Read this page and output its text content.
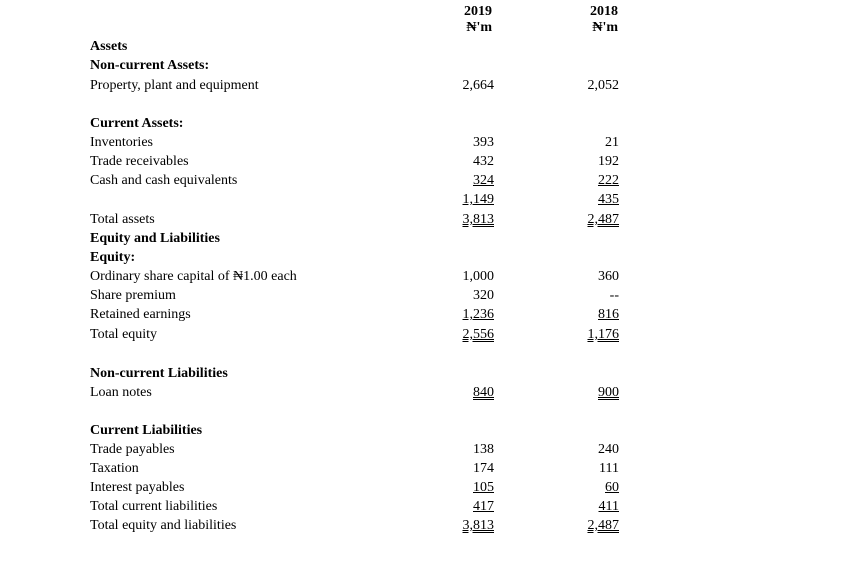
2019	2018
₦'m	₦'m
Assets
Non-current Assets:
Property, plant and equipment
Current Assets:
Inventories
Trade receivables
Cash and cash equivalents
Total assets
Equity and Liabilities
Equity:
Ordinary share capital of ₦1.00 each
Share premium
Retained earnings
Total equity
Non-current Liabilities
Loan notes
Current Liabilities
Trade payables
Taxation
Interest payables
Total current liabilities
Total equity and liabilities
2,664
393
432
324
1,149
3,813
1,000
320
1,236
2,556
840
138
174
105
417
3,813
2,052
21
192
222
435
2,487
360
--
816
1,176
900
240
111
60
411
2,487
